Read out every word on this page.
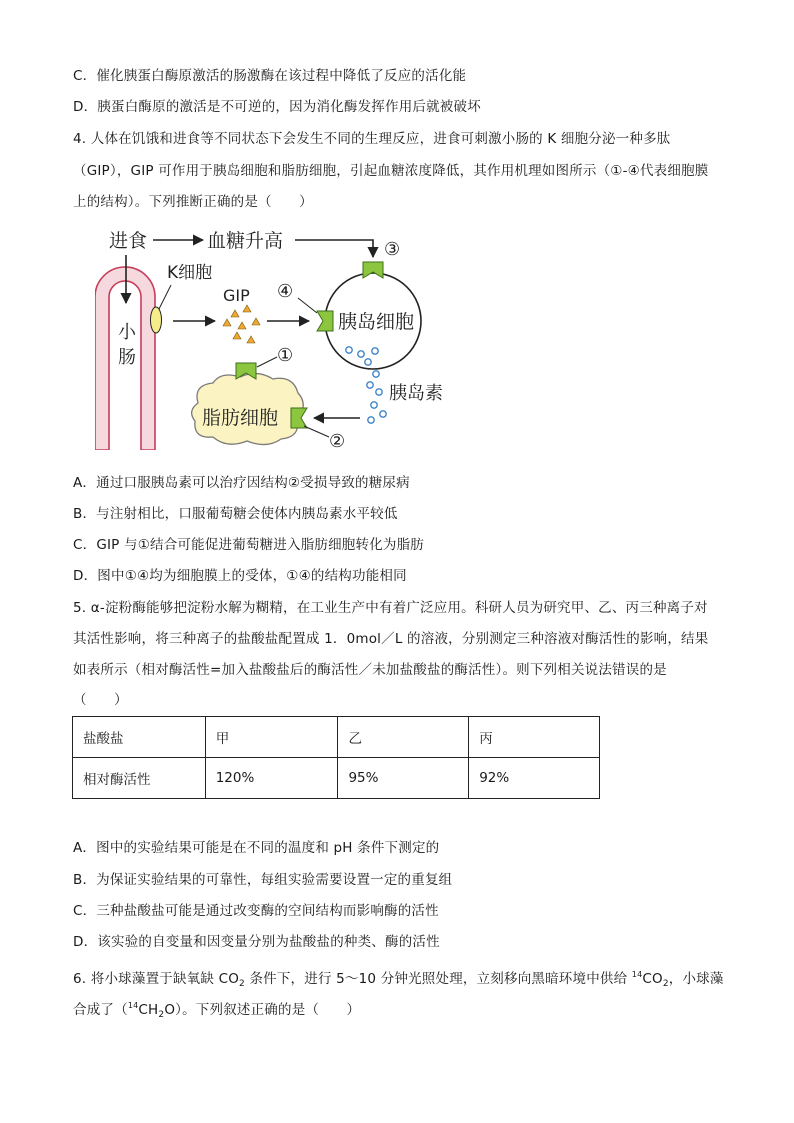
C．催化胰蛋白酶原激活的肠激酶在该过程中降低了反应的活化能
D．胰蛋白酶原的激活是不可逆的，因为消化酶发挥作用后就被破坏
4. 人体在饥饿和进食等不同状态下会发生不同的生理反应，进食可刺激小肠的 K 细胞分泌一种多肽
（GIP），GIP 可作用于胰岛细胞和脂肪细胞，引起血糖浓度降低，其作用机理如图所示（①-④代表细胞膜
上的结构）。下列推断正确的是（　　）
进食	血糖升高	③
小
肠
K细胞
GIP ④
胰岛细胞
胰岛素
脂肪细胞
①
②
A．通过口服胰岛素可以治疗因结构②受损导致的糖尿病
B．与注射相比，口服葡萄糖会使体内胰岛素水平较低
C．GIP 与①结合可能促进葡萄糖进入脂肪细胞转化为脂肪
D．图中①④均为细胞膜上的受体，①④的结构功能相同
5. α-淀粉酶能够把淀粉水解为糊精，在工业生产中有着广泛应用。科研人员为研究甲、乙、丙三种离子对
其活性影响，将三种离子的盐酸盐配置成 1．0mol／L 的溶液，分别测定三种溶液对酶活性的影响，结果
如表所示（相对酶活性=加入盐酸盐后的酶活性／未加盐酸盐的酶活性）。则下列相关说法错误的是
（　　）
盐酸盐	甲	乙	丙
相对酶活性	120%	95%	92%
A．图中的实验结果可能是在不同的温度和 pH 条件下测定的
B．为保证实验结果的可靠性，每组实验需要设置一定的重复组
C．三种盐酸盐可能是通过改变酶的空间结构而影响酶的活性
D．该实验的自变量和因变量分别为盐酸盐的种类、酶的活性
6. 将小球藻置于缺氧缺 $CO_2$ 条件下，进行 5～10 分钟光照处理，立刻移向黑暗环境中供给 $^{14}CO_2$，小球藻
合成了$(^{14}CH_2O)$。下列叙述正确的是（　　）
